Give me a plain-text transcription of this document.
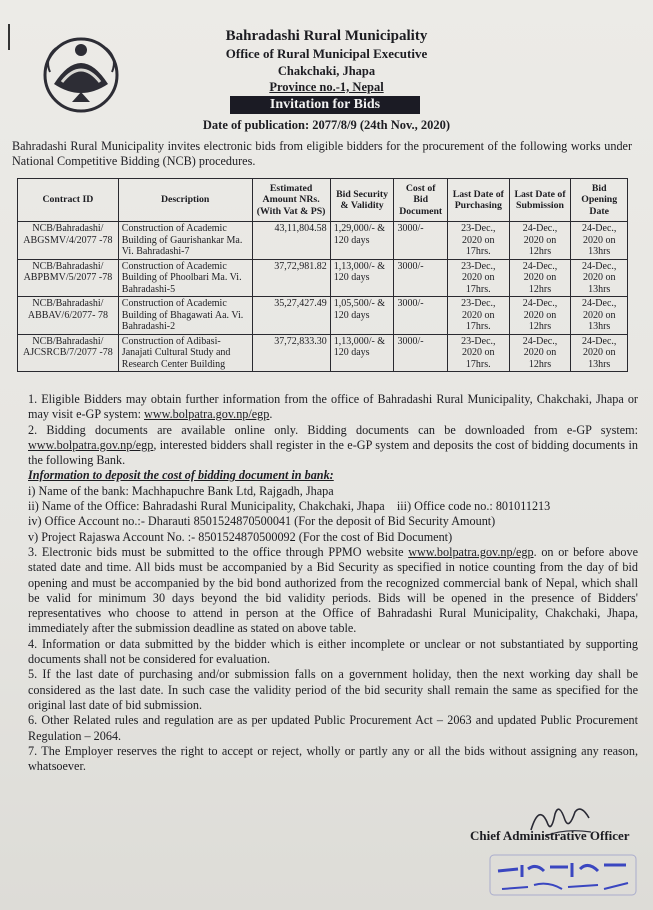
Bahradashi Rural Municipality
Office of Rural Municipal Executive
Chakchaki, Jhapa
Province no.-1, Nepal
Invitation for Bids
Date of publication: 2077/8/9 (24th Nov., 2020)
Bahradashi Rural Municipality invites electronic bids from eligible bidders for the procurement of the following works under National Competitive Bidding (NCB) procedures.
Contract ID	Description	Estimated Amount NRs. (With Vat & PS)	Bid Security & Validity	Cost of Bid Document	Last Date of Purchasing	Last Date of Submission	Bid Opening Date
NCB/Bahradashi/ ABGSMV/4/2077 -78	Construction of Academic Building of Gaurishankar Ma. Vi. Bahradashi-7	43,11,804.58	1,29,000/- & 120 days	3000/-	23-Dec., 2020 on 17hrs.	24-Dec., 2020 on 12hrs	24-Dec., 2020 on 13hrs
NCB/Bahradashi/ ABPBMV/5/2077 -78	Construction of Academic Building of Phoolbari Ma. Vi. Bahradashi-5	37,72,981.82	1,13,000/- & 120 days	3000/-	23-Dec., 2020 on 17hrs.	24-Dec., 2020 on 12hrs	24-Dec., 2020 on 13hrs
NCB/Bahradashi/ ABBAV/6/2077- 78	Construction of Academic Building of Bhagawati Aa. Vi. Bahradashi-2	35,27,427.49	1,05,500/- & 120 days	3000/-	23-Dec., 2020 on 17hrs.	24-Dec., 2020 on 12hrs	24-Dec., 2020 on 13hrs
NCB/Bahradashi/ AJCSRCB/7/2077 -78	Construction of Adibasi-Janajati Cultural Study and Research Center Building	37,72,833.30	1,13,000/- & 120 days	3000/-	23-Dec., 2020 on 17hrs.	24-Dec., 2020 on 12hrs	24-Dec., 2020 on 13hrs

1. Eligible Bidders may obtain further information from the office of Bahradashi Rural Municipality, Chakchaki, Jhapa or may visit e-GP system: www.bolpatra.gov.np/egp.

2. Bidding documents are available online only. Bidding documents can be downloaded from e-GP system: www.bolpatra.gov.np/egp, interested bidders shall register in the e-GP system and deposits the cost of bidding documents in the following Bank.

Information to deposit the cost of bidding document in bank:

i) Name of the bank: Machhapuchre Bank Ltd, Rajgadh, Jhapa

ii) Name of the Office: Bahradashi Rural Municipality, Chakchaki, Jhapa iii) Office code no.: 801011213

iv) Office Account no.:- Dharauti 8501524870500041 (For the deposit of Bid Security Amount)

v) Project Rajaswa Account No. :- 8501524870500092 (For the cost of Bid Document)

3. Electronic bids must be submitted to the office through PPMO website www.bolpatra.gov.np/egp. on or before above stated date and time. All bids must be accompanied by a Bid Security as specified in notice counting from the day of bid opening and must be accompanied by the bid bond authorized from the recognized commercial bank of Nepal, which shall be valid for minimum 30 days beyond the bid validity periods. Bids will be opened in the presence of Bidders' representatives who choose to attend in person at the Office of Bahradashi Rural Municipality, Chakchaki, Jhapa, immediately after the submission deadline as stated on above table.

4. Information or data submitted by the bidder which is either incomplete or unclear or not substantiated by supporting documents shall not be considered for evaluation.

5. If the last date of purchasing and/or submission falls on a government holiday, then the next working day shall be considered as the last date. In such case the validity period of the bid security shall remain the same as specified for the original last date of bid submission.

6. Other Related rules and regulation are as per updated Public Procurement Act – 2063 and updated Public Procurement Regulation – 2064.

7. The Employer reserves the right to accept or reject, wholly or partly any or all the bids without assigning any reason, whatsoever.

Chief Administrative Officer
